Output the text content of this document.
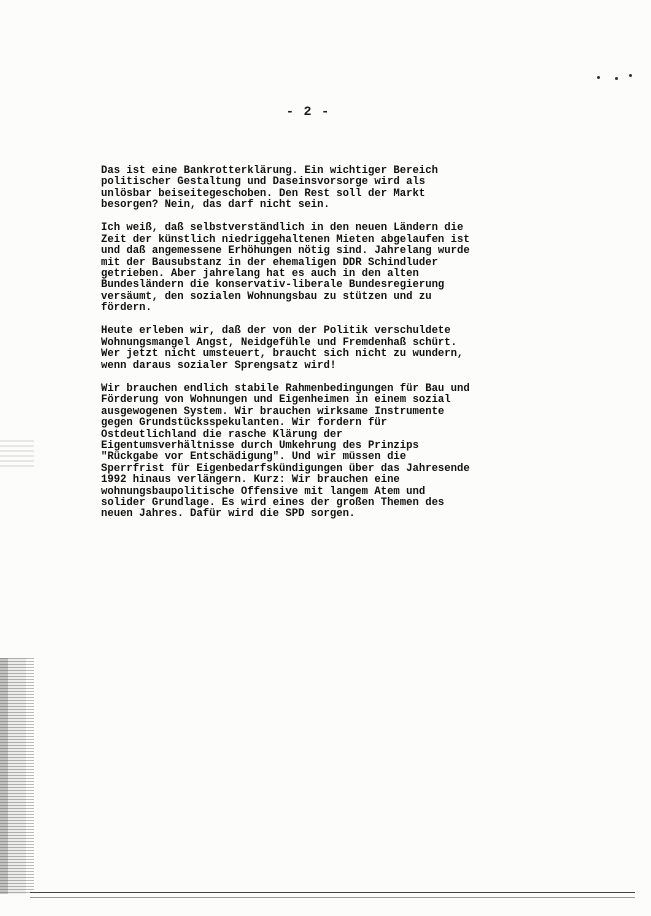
- 2 -

Das ist eine Bankrotterklärung. Ein wichtiger Bereich
politischer Gestaltung und Daseinsvorsorge wird als
unlösbar beiseitegeschoben. Den Rest soll der Markt
besorgen? Nein, das darf nicht sein.

Ich weiß, daß selbstverständlich in den neuen Ländern die
Zeit der künstlich niedriggehaltenen Mieten abgelaufen ist
und daß angemessene Erhöhungen nötig sind. Jahrelang wurde
mit der Bausubstanz in der ehemaligen DDR Schindluder
getrieben. Aber jahrelang hat es auch in den alten
Bundesländern die konservativ-liberale Bundesregierung
versäumt, den sozialen Wohnungsbau zu stützen und zu
fördern.

Heute erleben wir, daß der von der Politik verschuldete
Wohnungsmangel Angst, Neidgefühle und Fremdenhaß schürt.
Wer jetzt nicht umsteuert, braucht sich nicht zu wundern,
wenn daraus sozialer Sprengsatz wird!

Wir brauchen endlich stabile Rahmenbedingungen für Bau und
Förderung von Wohnungen und Eigenheimen in einem sozial
ausgewogenen System. Wir brauchen wirksame Instrumente
gegen Grundstücksspekulanten. Wir fordern für
Ostdeutlichland die rasche Klärung der
Eigentumsverhältnisse durch Umkehrung des Prinzips
"Rückgabe vor Entschädigung". Und wir müssen die
Sperrfrist für Eigenbedarfskündigungen über das Jahresende
1992 hinaus verlängern. Kurz: Wir brauchen eine
wohnungsbaupolitische Offensive mit langem Atem und
solider Grundlage. Es wird eines der großen Themen des
neuen Jahres. Dafür wird die SPD sorgen.
